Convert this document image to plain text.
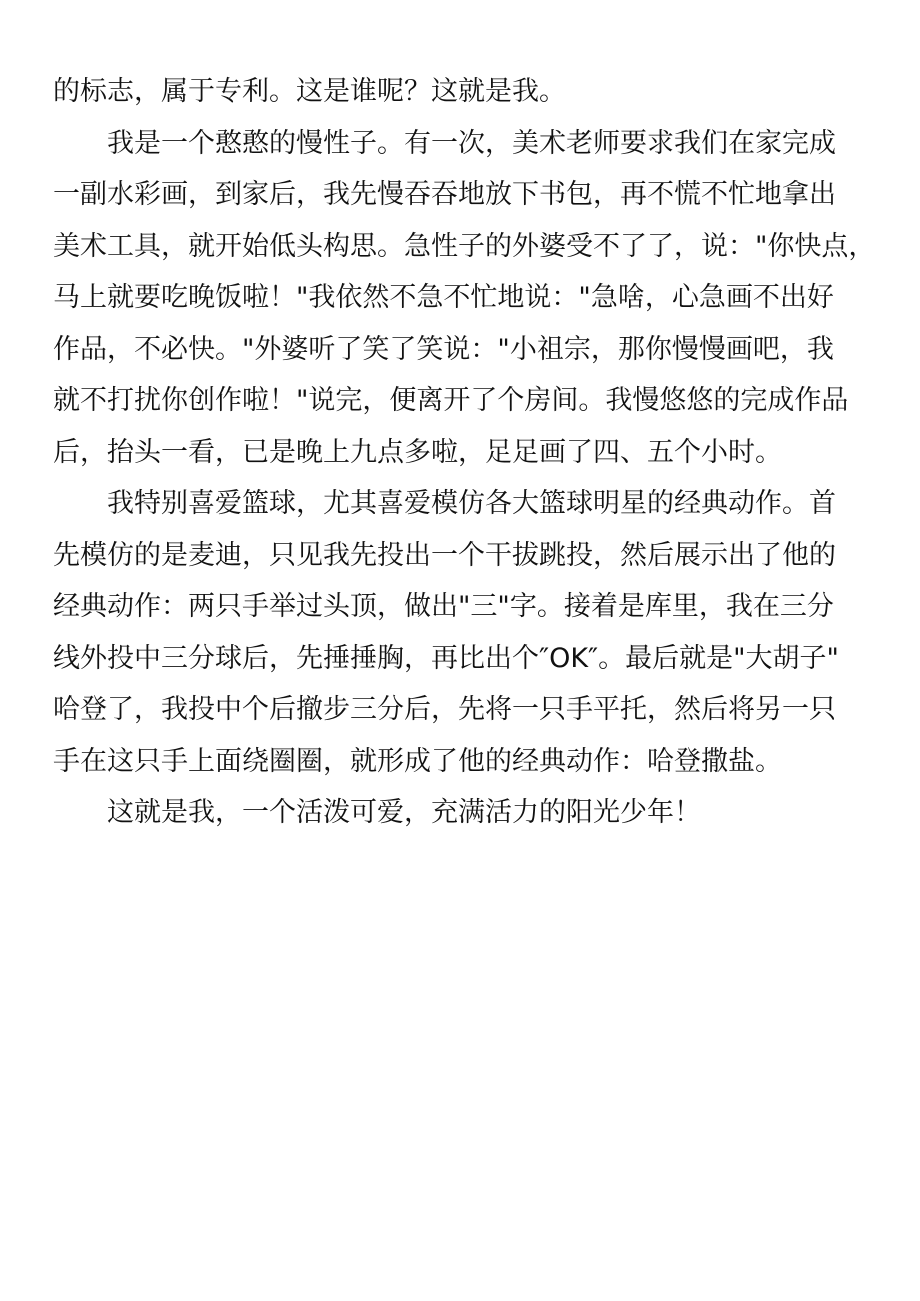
的标志，属于专利。这是谁呢？这就是我。
我是一个憨憨的慢性子。有一次，美术老师要求我们在家完成
一副水彩画，到家后，我先慢吞吞地放下书包，再不慌不忙地拿出
美术工具，就开始低头构思。急性子的外婆受不了了，说："你快点，
马上就要吃晚饭啦！"我依然不急不忙地说："急啥，心急画不出好
作品，不必快。"外婆听了笑了笑说："小祖宗，那你慢慢画吧，我
就不打扰你创作啦！"说完，便离开了个房间。我慢悠悠的完成作品
后，抬头一看，已是晚上九点多啦，足足画了四、五个小时。
我特别喜爱篮球，尤其喜爱模仿各大篮球明星的经典动作。首
先模仿的是麦迪，只见我先投出一个干拔跳投，然后展示出了他的
经典动作：两只手举过头顶，做出"三"字。接着是库里，我在三分
线外投中三分球后，先捶捶胸，再比出个″OK″。最后就是"大胡子"
哈登了，我投中个后撤步三分后，先将一只手平托，然后将另一只
手在这只手上面绕圈圈，就形成了他的经典动作：哈登撒盐。
这就是我，一个活泼可爱，充满活力的阳光少年！
